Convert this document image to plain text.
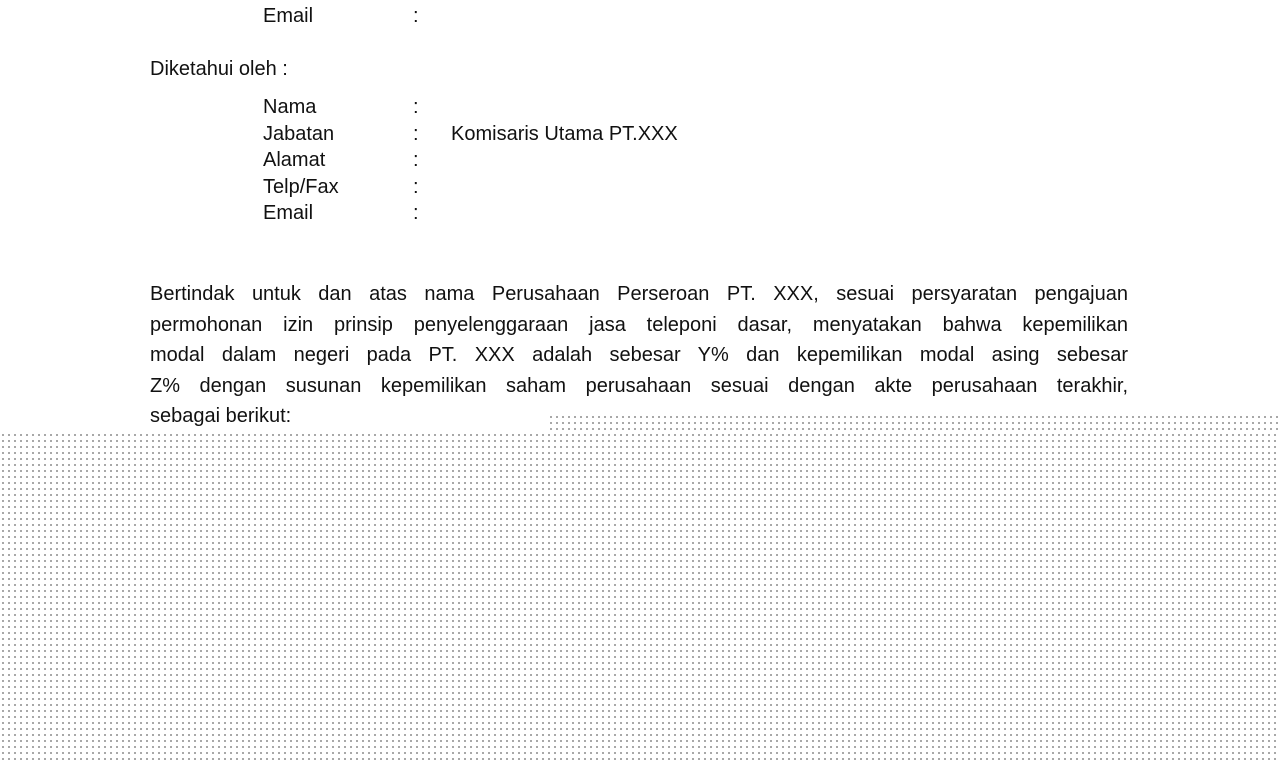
Email	:
Diketahui oleh :
Nama	:
Jabatan	: Komisaris Utama PT.XXX
Alamat	:
Telp/Fax	:
Email	:
Bertindak untuk dan atas nama Perusahaan Perseroan PT. XXX, sesuai persyaratan pengajuan
permohonan izin prinsip penyelenggaraan jasa teleponi dasar, menyatakan bahwa kepemilikan
modal dalam negeri pada PT. XXX adalah sebesar Y% dan kepemilikan modal asing sebesar
Z% dengan susunan kepemilikan saham perusahaan sesuai dengan akte perusahaan terakhir,
sebagai berikut:
